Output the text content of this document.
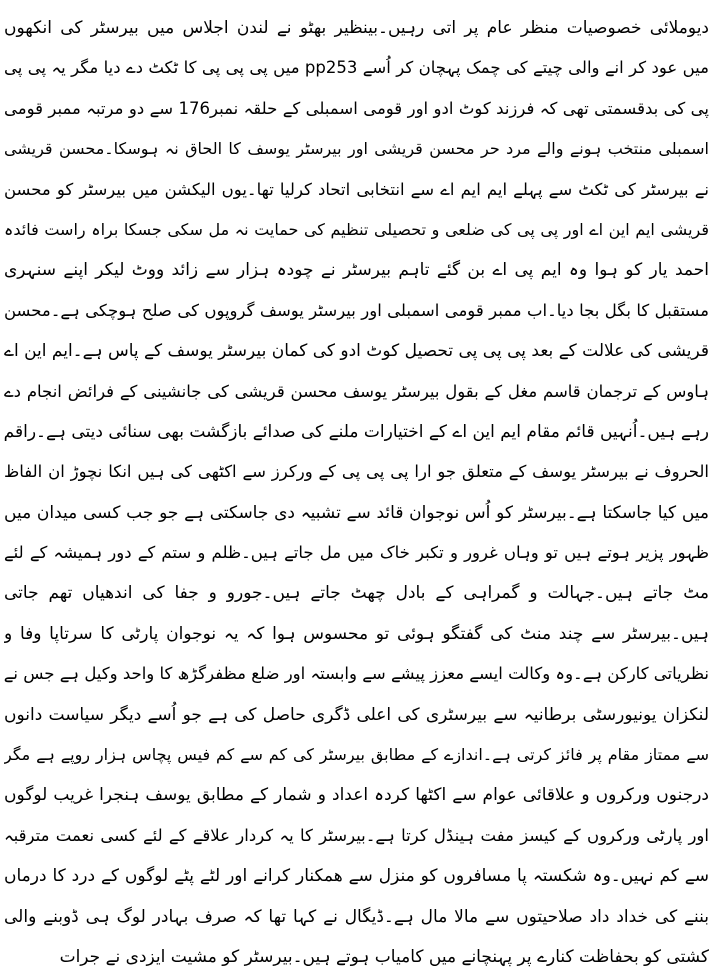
دیوملائی خصوصیات منظر عام پر اتی رہیں۔بینظیر بھٹو نے لندن اجلاس میں بیرسٹر کی انکھوں
میں عود کر انے والی چیتے کی چمک پہچان کر اُسے pp253 میں پی پی پی کا ٹکٹ دے دیا مگر یہ پی پی
پی کی بدقسمتی تھی کہ فرزند کوٹ ادو اور قومی اسمبلی کے حلقہ نمبر176 سے دو مرتبہ ممبر قومی
اسمبلی منتخب ہونے والے مرد حر محسن قریشی اور بیرسٹر یوسف کا الحاق نہ ہوسکا۔محسن قریشی
نے بیرسٹر کی ٹکٹ سے پہلے ایم ایم اے سے انتخابی اتحاد کرلیا تھا۔یوں الیکشن میں بیرسٹر کو محسن
قریشی ایم این اے اور پی پی کی ضلعی و تحصیلی تنظیم کی حمایت نہ مل سکی جسکا براہ راست فائدہ
احمد یار کو ہوا وہ ایم پی اے بن گئے تاہم بیرسٹر نے چودہ ہزار سے زائد ووٹ لیکر اپنے سنہری
مستقبل کا بگل بجا دیا۔اب ممبر قومی اسمبلی اور بیرسٹر یوسف گروپوں کی صلح ہوچکی ہے۔محسن
قریشی کی علالت کے بعد پی پی پی تحصیل کوٹ ادو کی کمان بیرسٹر یوسف کے پاس ہے۔ایم این اے
ہاوس کے ترجمان قاسم مغل کے بقول بیرسٹر یوسف محسن قریشی کی جانشینی کے فرائض انجام دے
رہے ہیں۔اُنہیں قائم مقام ایم این اے کے اختیارات ملنے کی صدائے بازگشت بھی سنائی دیتی ہے۔راقم
الحروف نے بیرسٹر یوسف کے متعلق جو ارا پی پی پی کے ورکرز سے اکٹھی کی ہیں انکا نچوڑ ان الفاظ
میں کیا جاسکتا ہے۔بیرسٹر کو اُس نوجوان قائد سے تشبیہ دی جاسکتی ہے جو جب کسی میدان میں
ظہور پزیر ہوتے ہیں تو وہاں غرور و تکبر خاک میں مل جاتے ہیں۔ظلم و ستم کے دور ہمیشہ کے لئے
مٹ جاتے ہیں۔جہالت و گمراہی کے بادل چھٹ جاتے ہیں۔جورو و جفا کی اندھیاں تھم جاتی
ہیں۔بیرسٹر سے چند منٹ کی گفتگو ہوئی تو محسوس ہوا کہ یہ نوجوان پارٹی کا سرتاپا وفا و
نظریاتی کارکن ہے۔وہ وکالت ایسے معزز پیشے سے وابستہ اور ضلع مظفرگڑھ کا واحد وکیل ہے جس نے
لنکزان یونیورسٹی برطانیہ سے بیرسٹری کی اعلی ڈگری حاصل کی ہے جو اُسے دیگر سیاست دانوں
سے ممتاز مقام پر فائز کرتی ہے۔اندازے کے مطابق بیرسٹر کی کم سے کم فیس پچاس ہزار روپے ہے مگر
درجنوں ورکروں و علاقائی عوام سے اکٹھا کردہ اعداد و شمار کے مطابق یوسف ہنجرا غریب لوگوں
اور پارٹی ورکروں کے کیسز مفت ہینڈل کرتا ہے۔بیرسٹر کا یہ کردار علاقے کے لئے کسی نعمت مترقبہ
سے کم نہیں۔وہ شکستہ پا مسافروں کو منزل سے ھمکنار کرانے اور لٹے پٹے لوگوں کے درد کا درماں
بننے کی خداد داد صلاحیتوں سے مالا مال ہے۔ڈیگال نے کہا تھا کہ صرف بہادر لوگ ہی ڈوبنے والی
کشتی کو بحفاظت کنارے پر پہنچانے میں کامیاب ہوتے ہیں۔بیرسٹر کو مشیت ایزدی نے جرات
